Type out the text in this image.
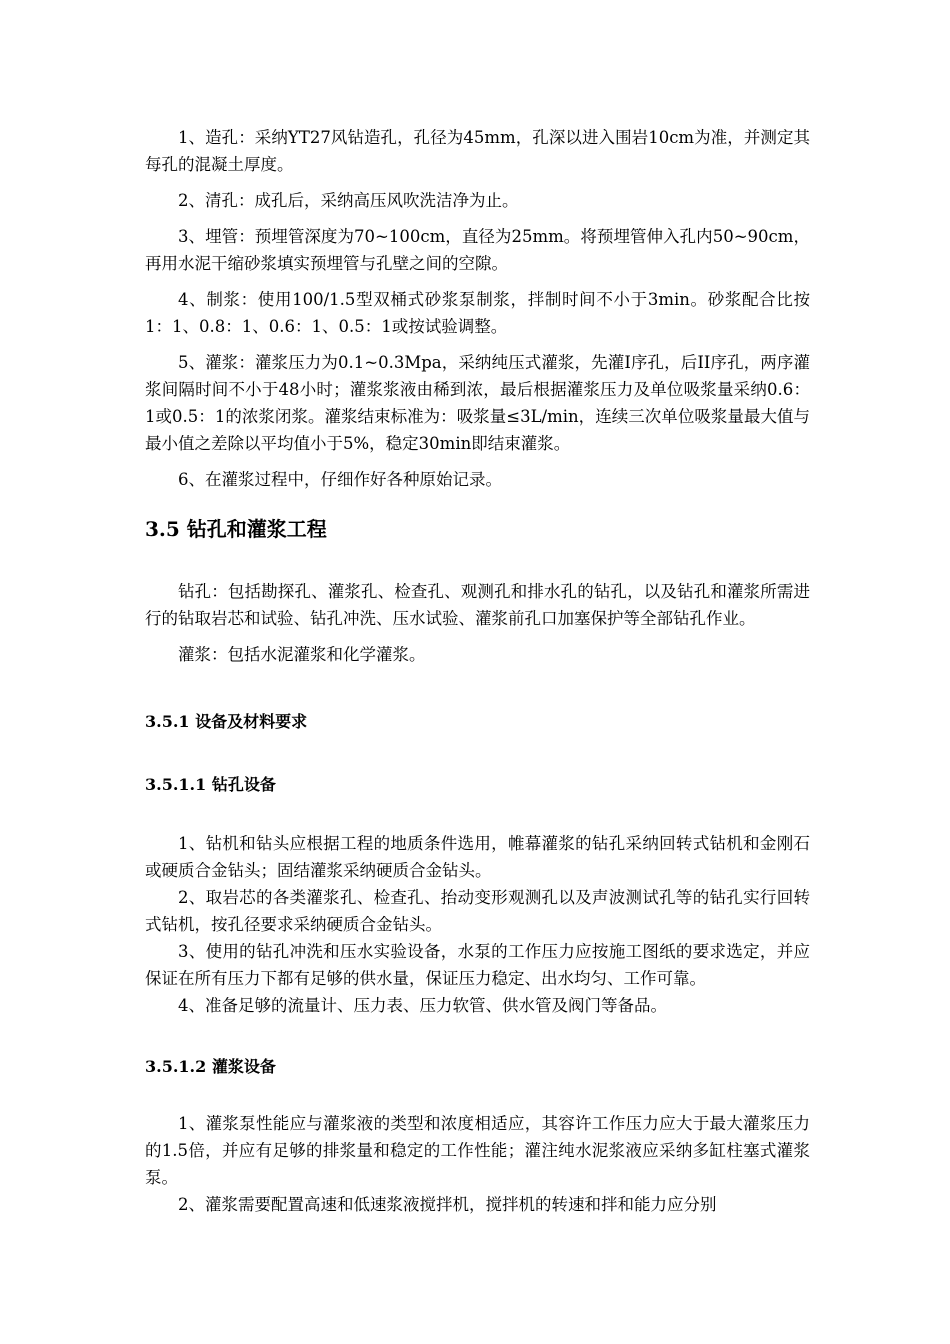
1、造孔：采纳YT27风钻造孔，孔径为45mm，孔深以进入围岩10cm为准，并测定其每孔的混凝土厚度。

2、清孔：成孔后，采纳高压风吹洗洁净为止。

3、埋管：预埋管深度为70~100cm，直径为25mm。将预埋管伸入孔内50~90cm，再用水泥干缩砂浆填实预埋管与孔壁之间的空隙。

4、制浆：使用100/1.5型双桶式砂浆泵制浆，拌制时间不小于3min。砂浆配合比按1：1、0.8：1、0.6：1、0.5：1或按试验调整。

5、灌浆：灌浆压力为0.1~0.3Mpa，采纳纯压式灌浆，先灌I序孔，后II序孔，两序灌浆间隔时间不小于48小时；灌浆浆液由稀到浓，最后根据灌浆压力及单位吸浆量采纳0.6：1或0.5：1的浓浆闭浆。灌浆结束标准为：吸浆量≤3L/min，连续三次单位吸浆量最大值与最小值之差除以平均值小于5%，稳定30min即结束灌浆。

6、在灌浆过程中，仔细作好各种原始记录。

3.5 钻孔和灌浆工程

钻孔：包括勘探孔、灌浆孔、检查孔、观测孔和排水孔的钻孔，以及钻孔和灌浆所需进行的钻取岩芯和试验、钻孔冲洗、压水试验、灌浆前孔口加塞保护等全部钻孔作业。

灌浆：包括水泥灌浆和化学灌浆。

3.5.1 设备及材料要求
3.5.1.1 钻孔设备

1、钻机和钻头应根据工程的地质条件选用，帷幕灌浆的钻孔采纳回转式钻机和金刚石或硬质合金钻头；固结灌浆采纳硬质合金钻头。

2、取岩芯的各类灌浆孔、检查孔、抬动变形观测孔以及声波测试孔等的钻孔实行回转式钻机，按孔径要求采纳硬质合金钻头。

3、使用的钻孔冲洗和压水实验设备，水泵的工作压力应按施工图纸的要求选定，并应保证在所有压力下都有足够的供水量，保证压力稳定、出水均匀、工作可靠。

4、准备足够的流量计、压力表、压力软管、供水管及阀门等备品。

3.5.1.2 灌浆设备

1、灌浆泵性能应与灌浆液的类型和浓度相适应，其容许工作压力应大于最大灌浆压力的1.5倍，并应有足够的排浆量和稳定的工作性能；灌注纯水泥浆液应采纳多缸柱塞式灌浆泵。

2、灌浆需要配置高速和低速浆液搅拌机，搅拌机的转速和拌和能力应分别
